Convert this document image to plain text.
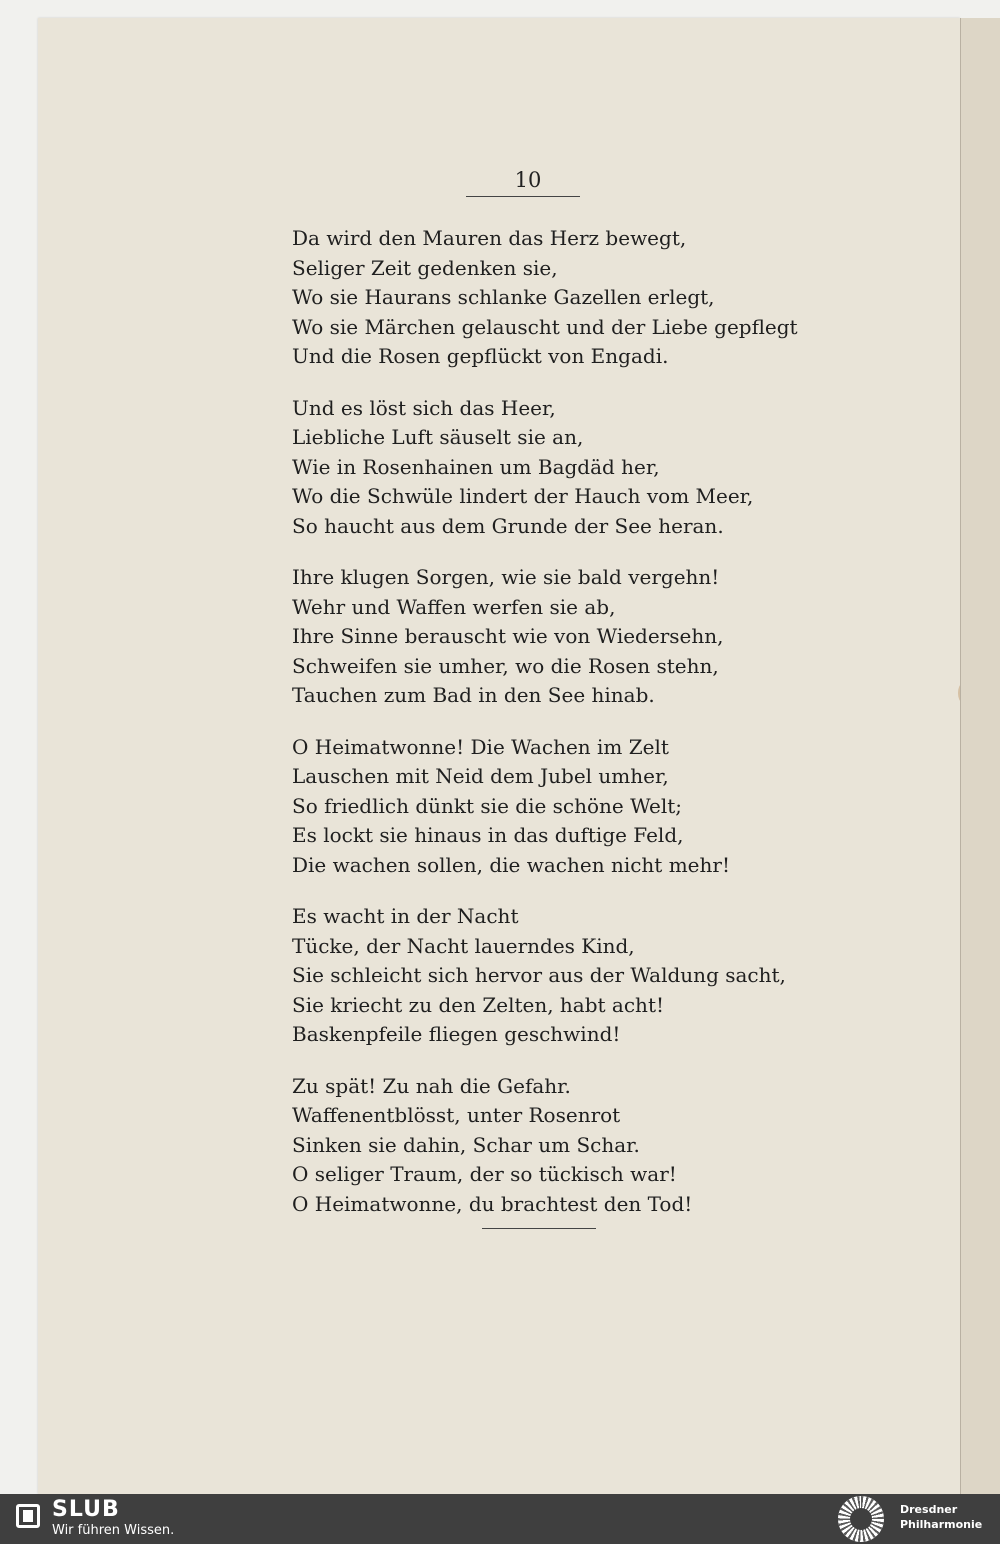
10
Da wird den Mauren das Herz bewegt,
Seliger Zeit gedenken sie,
Wo sie Haurans schlanke Gazellen erlegt,
Wo sie Märchen gelauscht und der Liebe gepflegt
Und die Rosen gepflückt von Engadi.
Und es löst sich das Heer,
Liebliche Luft säuselt sie an,
Wie in Rosenhainen um Bagdäd her,
Wo die Schwüle lindert der Hauch vom Meer,
So haucht aus dem Grunde der See heran.
Ihre klugen Sorgen, wie sie bald vergehn!
Wehr und Waffen werfen sie ab,
Ihre Sinne berauscht wie von Wiedersehn,
Schweifen sie umher, wo die Rosen stehn,
Tauchen zum Bad in den See hinab.
O Heimatwonne! Die Wachen im Zelt
Lauschen mit Neid dem Jubel umher,
So friedlich dünkt sie die schöne Welt;
Es lockt sie hinaus in das duftige Feld,
Die wachen sollen, die wachen nicht mehr!
Es wacht in der Nacht
Tücke, der Nacht lauerndes Kind,
Sie schleicht sich hervor aus der Waldung sacht,
Sie kriecht zu den Zelten, habt acht!
Baskenpfeile fliegen geschwind!
Zu spät! Zu nah die Gefahr.
Waffenentblösst, unter Rosenrot
Sinken sie dahin, Schar um Schar.
O seliger Traum, der so tückisch war!
O Heimatwonne, du brachtest den Tod!
SLUB
Wir führen Wissen.
Dresdner
Philharmonie
